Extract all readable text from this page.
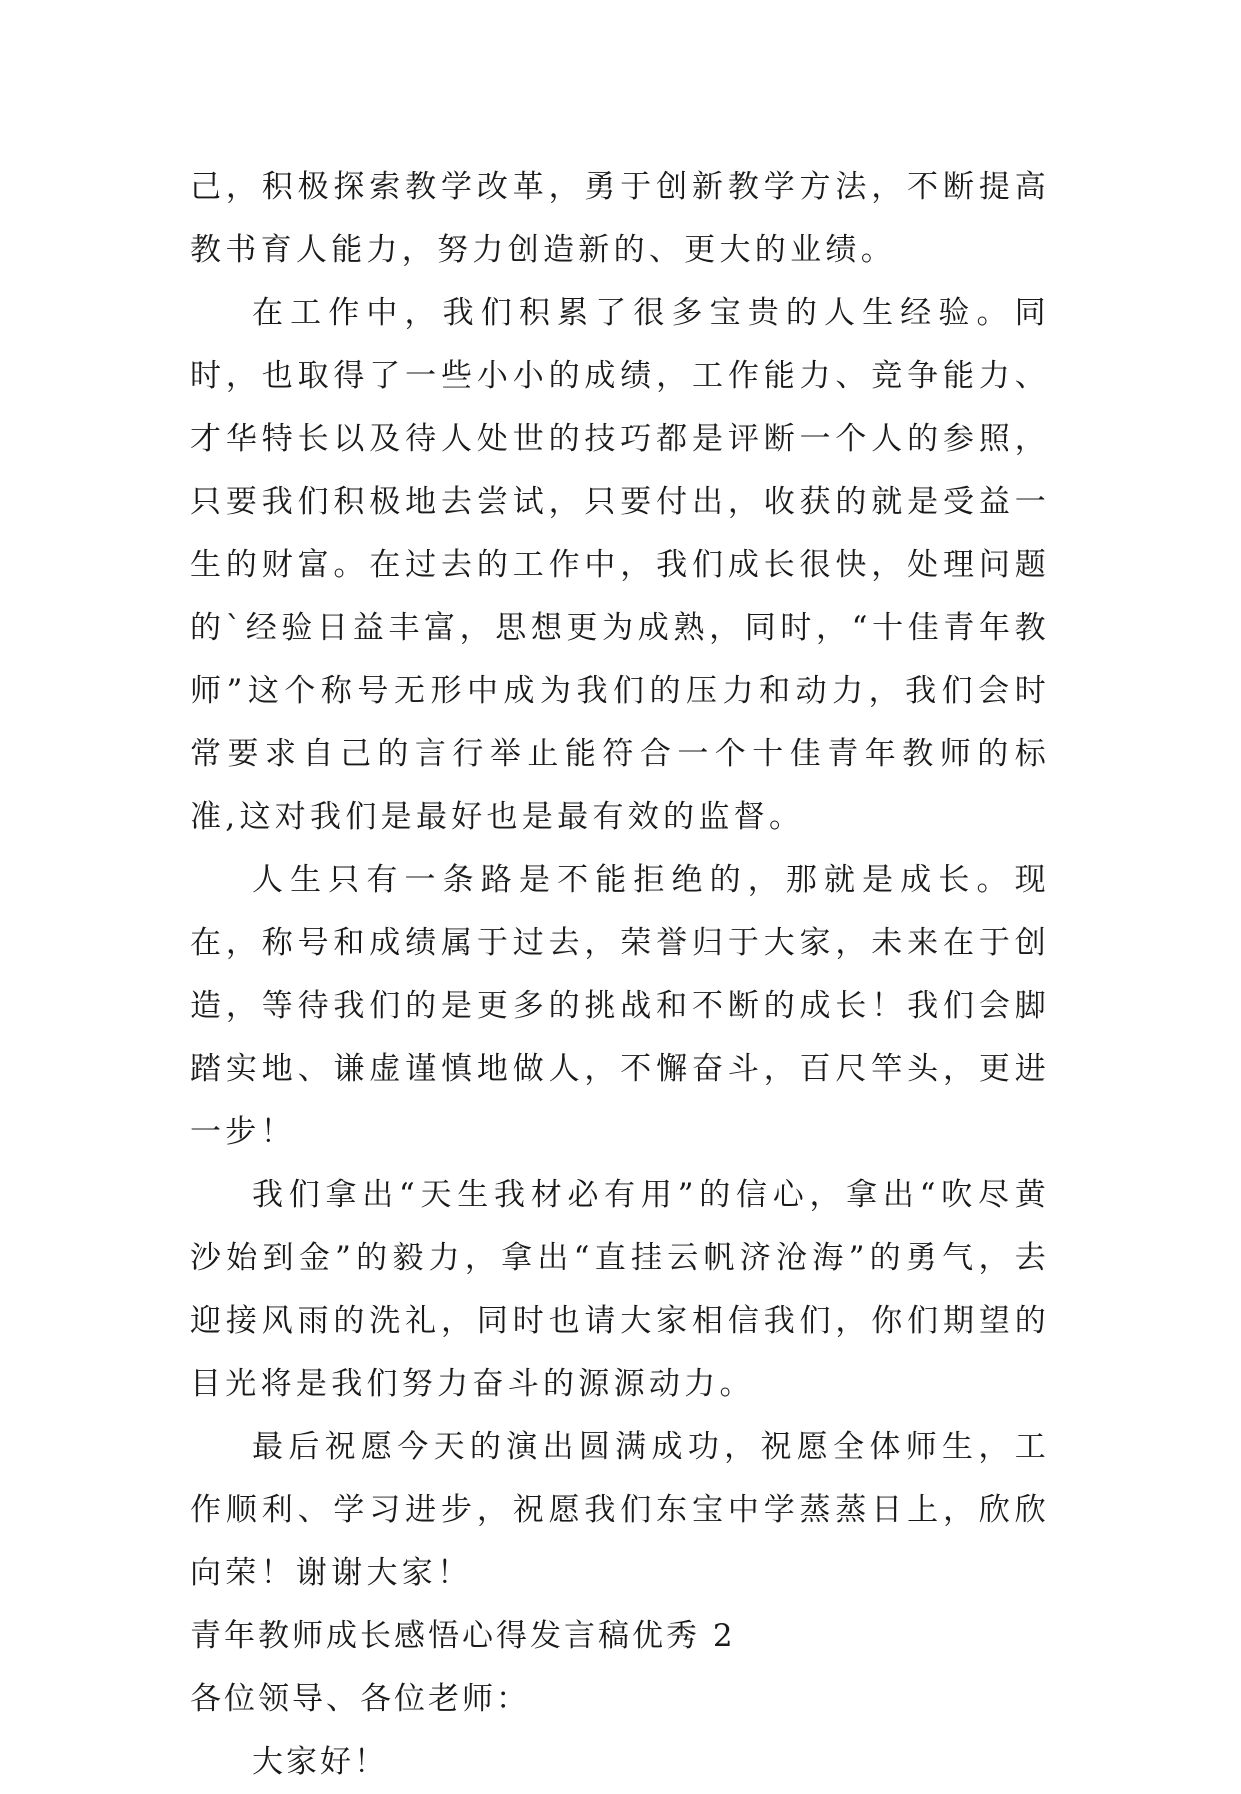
己，积极探索教学改革，勇于创新教学方法，不断提高教书育人能力，努力创造新的、更大的业绩。

在工作中，我们积累了很多宝贵的人生经验。同时，也取得了一些小小的成绩，工作能力、竞争能力、才华特长以及待人处世的技巧都是评断一个人的参照，只要我们积极地去尝试，只要付出，收获的就是受益一生的财富。在过去的工作中，我们成长很快，处理问题的`经验日益丰富，思想更为成熟，同时，“十佳青年教师”这个称号无形中成为我们的压力和动力，我们会时常要求自己的言行举止能符合一个十佳青年教师的标准,这对我们是最好也是最有效的监督。

人生只有一条路是不能拒绝的，那就是成长。现在，称号和成绩属于过去，荣誉归于大家，未来在于创造，等待我们的是更多的挑战和不断的成长！我们会脚踏实地、谦虚谨慎地做人，不懈奋斗，百尺竿头，更进一步！

我们拿出“天生我材必有用”的信心，拿出“吹尽黄沙始到金”的毅力，拿出“直挂云帆济沧海”的勇气，去迎接风雨的洗礼，同时也请大家相信我们，你们期望的目光将是我们努力奋斗的源源动力。

最后祝愿今天的演出圆满成功，祝愿全体师生，工作顺利、学习进步，祝愿我们东宝中学蒸蒸日上，欣欣向荣！谢谢大家！

青年教师成长感悟心得发言稿优秀 2

各位领导、各位老师：

大家好！
